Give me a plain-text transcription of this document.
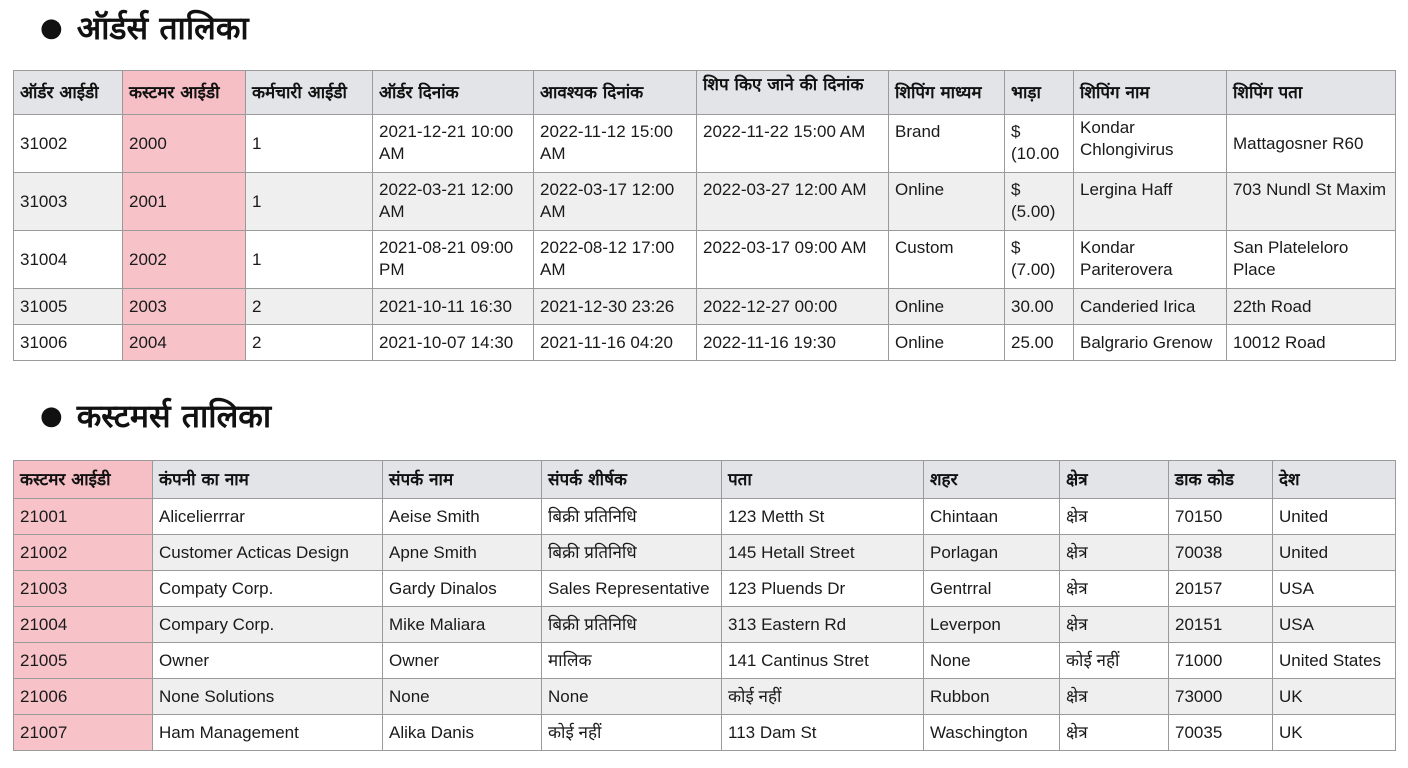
● ऑर्डर्स तालिका
ऑर्डर आईडी	कस्टमर आईडी	कर्मचारी आईडी	ऑर्डर दिनांक	आवश्यक दिनांक	शिप किए जाने की दिनांक	शिपिंग माध्यम	भाड़ा	शिपिंग नाम	शिपिंग पता
31002	2000	1	2021-12-21 10:00 AM	2022-11-12 15:00 AM	2022-11-22 15:00 AM	Brand	$ (10.00	Kondar Chlongivirus	Mattagosner R60
31003	2001	1	2022-03-21 12:00 AM	2022-03-17 12:00 AM	2022-03-27 12:00 AM	Online	$ (5.00)	Lergina Haff	703 Nundl St Maxim
31004	2002	1	2021-08-21 09:00 PM	2022-08-12 17:00 AM	2022-03-17 09:00 AM	Custom	$ (7.00)	Kondar Pariterovera	San Plateleloro Place
31005	2003	2	2021-10-11 16:30	2021-12-30 23:26	2022-12-27 00:00	Online	30.00	Canderied Irica	22th Road
31006	2004	2	2021-10-07 14:30	2021-11-16 04:20	2022-11-16 19:30	Online	25.00	Balgrario Grenow	10012 Road
● कस्टमर्स तालिका
कस्टमर आईडी	कंपनी का नाम	संपर्क नाम	संपर्क शीर्षक	पता	शहर	क्षेत्र	डाक कोड	देश
21001	Alicelierrrar	Aeise Smith	बिक्री प्रतिनिधि	123 Metth St	Chintaan	क्षेत्र	70150	United
21002	Customer Acticas Design	Apne Smith	बिक्री प्रतिनिधि	145 Hetall Street	Porlagan	क्षेत्र	70038	United
21003	Compaty Corp.	Gardy Dinalos	Sales Representative	123 Pluends Dr	Gentrral	क्षेत्र	20157	USA
21004	Compary Corp.	Mike Maliara	बिक्री प्रतिनिधि	313 Eastern Rd	Leverpon	क्षेत्र	20151	USA
21005	Owner	Owner	मालिक	141 Cantinus Stret	None	कोई नहीं	71000	United States
21006	None Solutions	None	None	कोई नहीं	Rubbon	क्षेत्र	73000	UK
21007	Ham Management	Alika Danis	कोई नहीं	113 Dam St	Waschington	क्षेत्र	70035	UK
